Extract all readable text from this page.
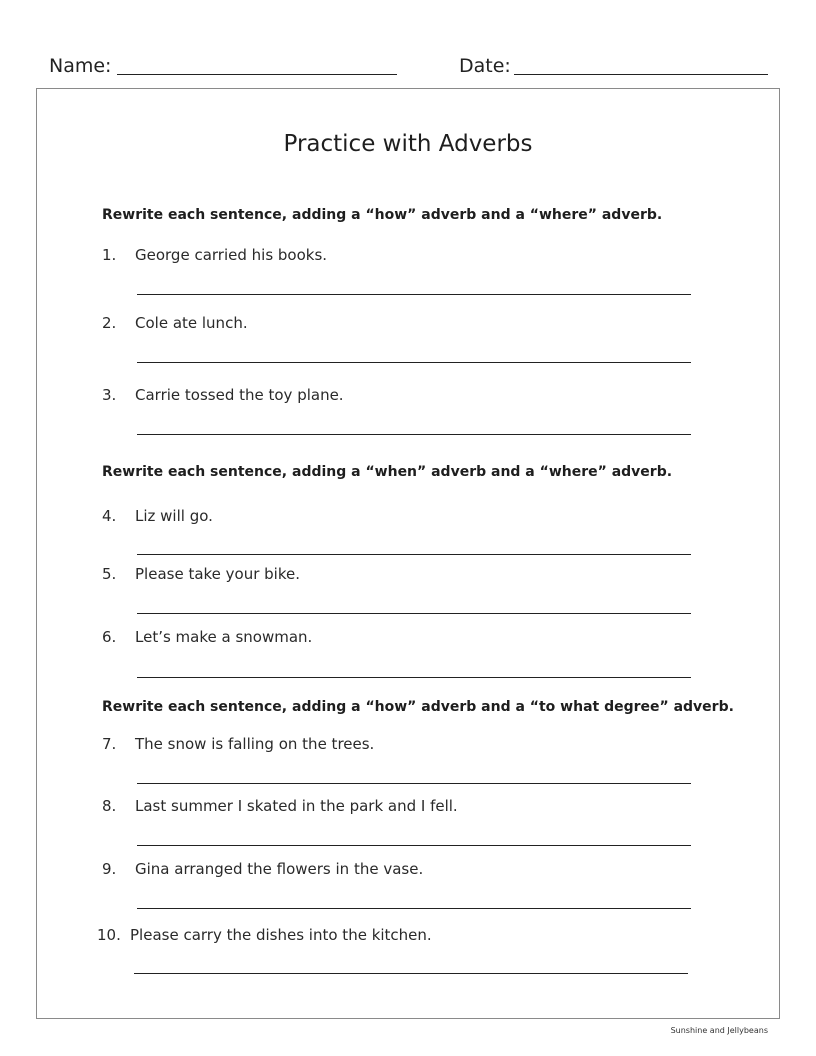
Name:	Date:
Practice with Adverbs
Rewrite each sentence, adding a “how” adverb and a “where” adverb.
1. George carried his books.
2. Cole ate lunch.
3. Carrie tossed the toy plane.
Rewrite each sentence, adding a “when” adverb and a “where” adverb.
4. Liz will go.
5. Please take your bike.
6. Let’s make a snowman.
Rewrite each sentence, adding a “how” adverb and a “to what degree” adverb.
7. The snow is falling on the trees.
8. Last summer I skated in the park and I fell.
9. Gina arranged the flowers in the vase.
10. Please carry the dishes into the kitchen.
Sunshine and Jellybeans
